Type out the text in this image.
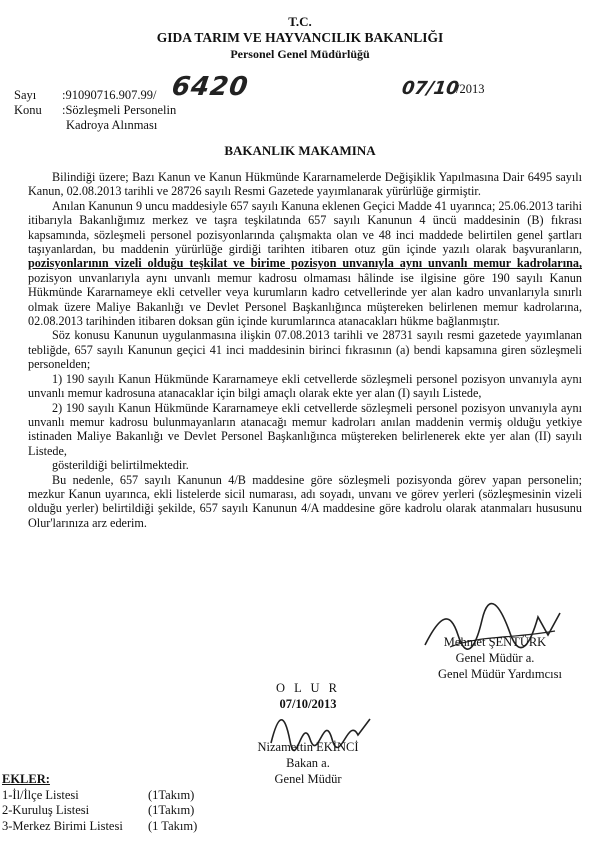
T.C.
GIDA TARIM VE HAYVANCILIK BAKANLIĞI
Personel Genel Müdürlüğü
Sayı :91090716.907.99/ 6420	07/10
/2013
Konu :Sözleşmeli Personelin
Kadroya Alınması
BAKANLIK MAKAMINA

Bilindiği üzere; Bazı Kanun ve Kanun Hükmünde Kararnamelerde Değişiklik Yapılmasına Dair 6495 sayılı Kanun, 02.08.2013 tarihli ve 28726 sayılı Resmi Gazetede yayımlanarak yürürlüğe girmiştir.

Anılan Kanunun 9 uncu maddesiyle 657 sayılı Kanuna eklenen Geçici Madde 41 uyarınca; 25.06.2013 tarihi itibarıyla Bakanlığımız merkez ve taşra teşkilatında 657 sayılı Kanunun 4 üncü maddesinin (B) fıkrası kapsamında, sözleşmeli personel pozisyonlarında çalışmakta olan ve 48 inci maddede belirtilen genel şartları taşıyanlardan, bu maddenin yürürlüğe girdiği tarihten itibaren otuz gün içinde yazılı olarak başvuranların, pozisyonlarının vizeli olduğu teşkilat ve birime pozisyon unvanıyla aynı unvanlı memur kadrolarına, pozisyon unvanlarıyla aynı unvanlı memur kadrosu olmaması hâlinde ise ilgisine göre 190 sayılı Kanun Hükmünde Kararnameye ekli cetveller veya kurumların kadro cetvellerinde yer alan kadro unvanlarıyla sınırlı olmak üzere Maliye Bakanlığı ve Devlet Personel Başkanlığınca müştereken belirlenen memur kadrolarına, 02.08.2013 tarihinden itibaren doksan gün içinde kurumlarınca atanacakları hükme bağlanmıştır.

Söz konusu Kanunun uygulanmasına ilişkin 07.08.2013 tarihli ve 28731 sayılı resmi gazetede yayımlanan tebliğde, 657 sayılı Kanunun geçici 41 inci maddesinin birinci fıkrasının (a) bendi kapsamına giren sözleşmeli personelden;

1) 190 sayılı Kanun Hükmünde Kararnameye ekli cetvellerde sözleşmeli personel pozisyon unvanıyla aynı unvanlı memur kadrosuna atanacaklar için bilgi amaçlı olarak ekte yer alan (I) sayılı Listede,

2) 190 sayılı Kanun Hükmünde Kararnameye ekli cetvellerde sözleşmeli personel pozisyon unvanıyla aynı unvanlı memur kadrosu bulunmayanların atanacağı memur kadroları anılan maddenin vermiş olduğu yetkiye istinaden Maliye Bakanlığı ve Devlet Personel Başkanlığınca müştereken belirlenerek ekte yer alan (II) sayılı Listede,

gösterildiği belirtilmektedir.

Bu nedenle, 657 sayılı Kanunun 4/B maddesine göre sözleşmeli pozisyonda görev yapan personelin; mezkur Kanun uyarınca, ekli listelerde sicil numarası, adı soyadı, unvanı ve görev yerleri (sözleşmesinin vizeli olduğu yerler) belirtildiği şekilde, 657 sayılı Kanunun 4/A maddesine göre kadrolu olarak atanmaları hususunu Olur'larınıza arz ederim.

Mehmet ŞENTÜRK
Genel Müdür a.
Genel Müdür Yardımcısı
O L U R
07/10/2013
Nizamettin EKİNCİ
Bakan a.
Genel Müdür
EKLER:
1-İl/İlçe Listesi	(1Takım)
2-Kuruluş Listesi	(1Takım)
3-Merkez Birimi Listesi	(1 Takım)
